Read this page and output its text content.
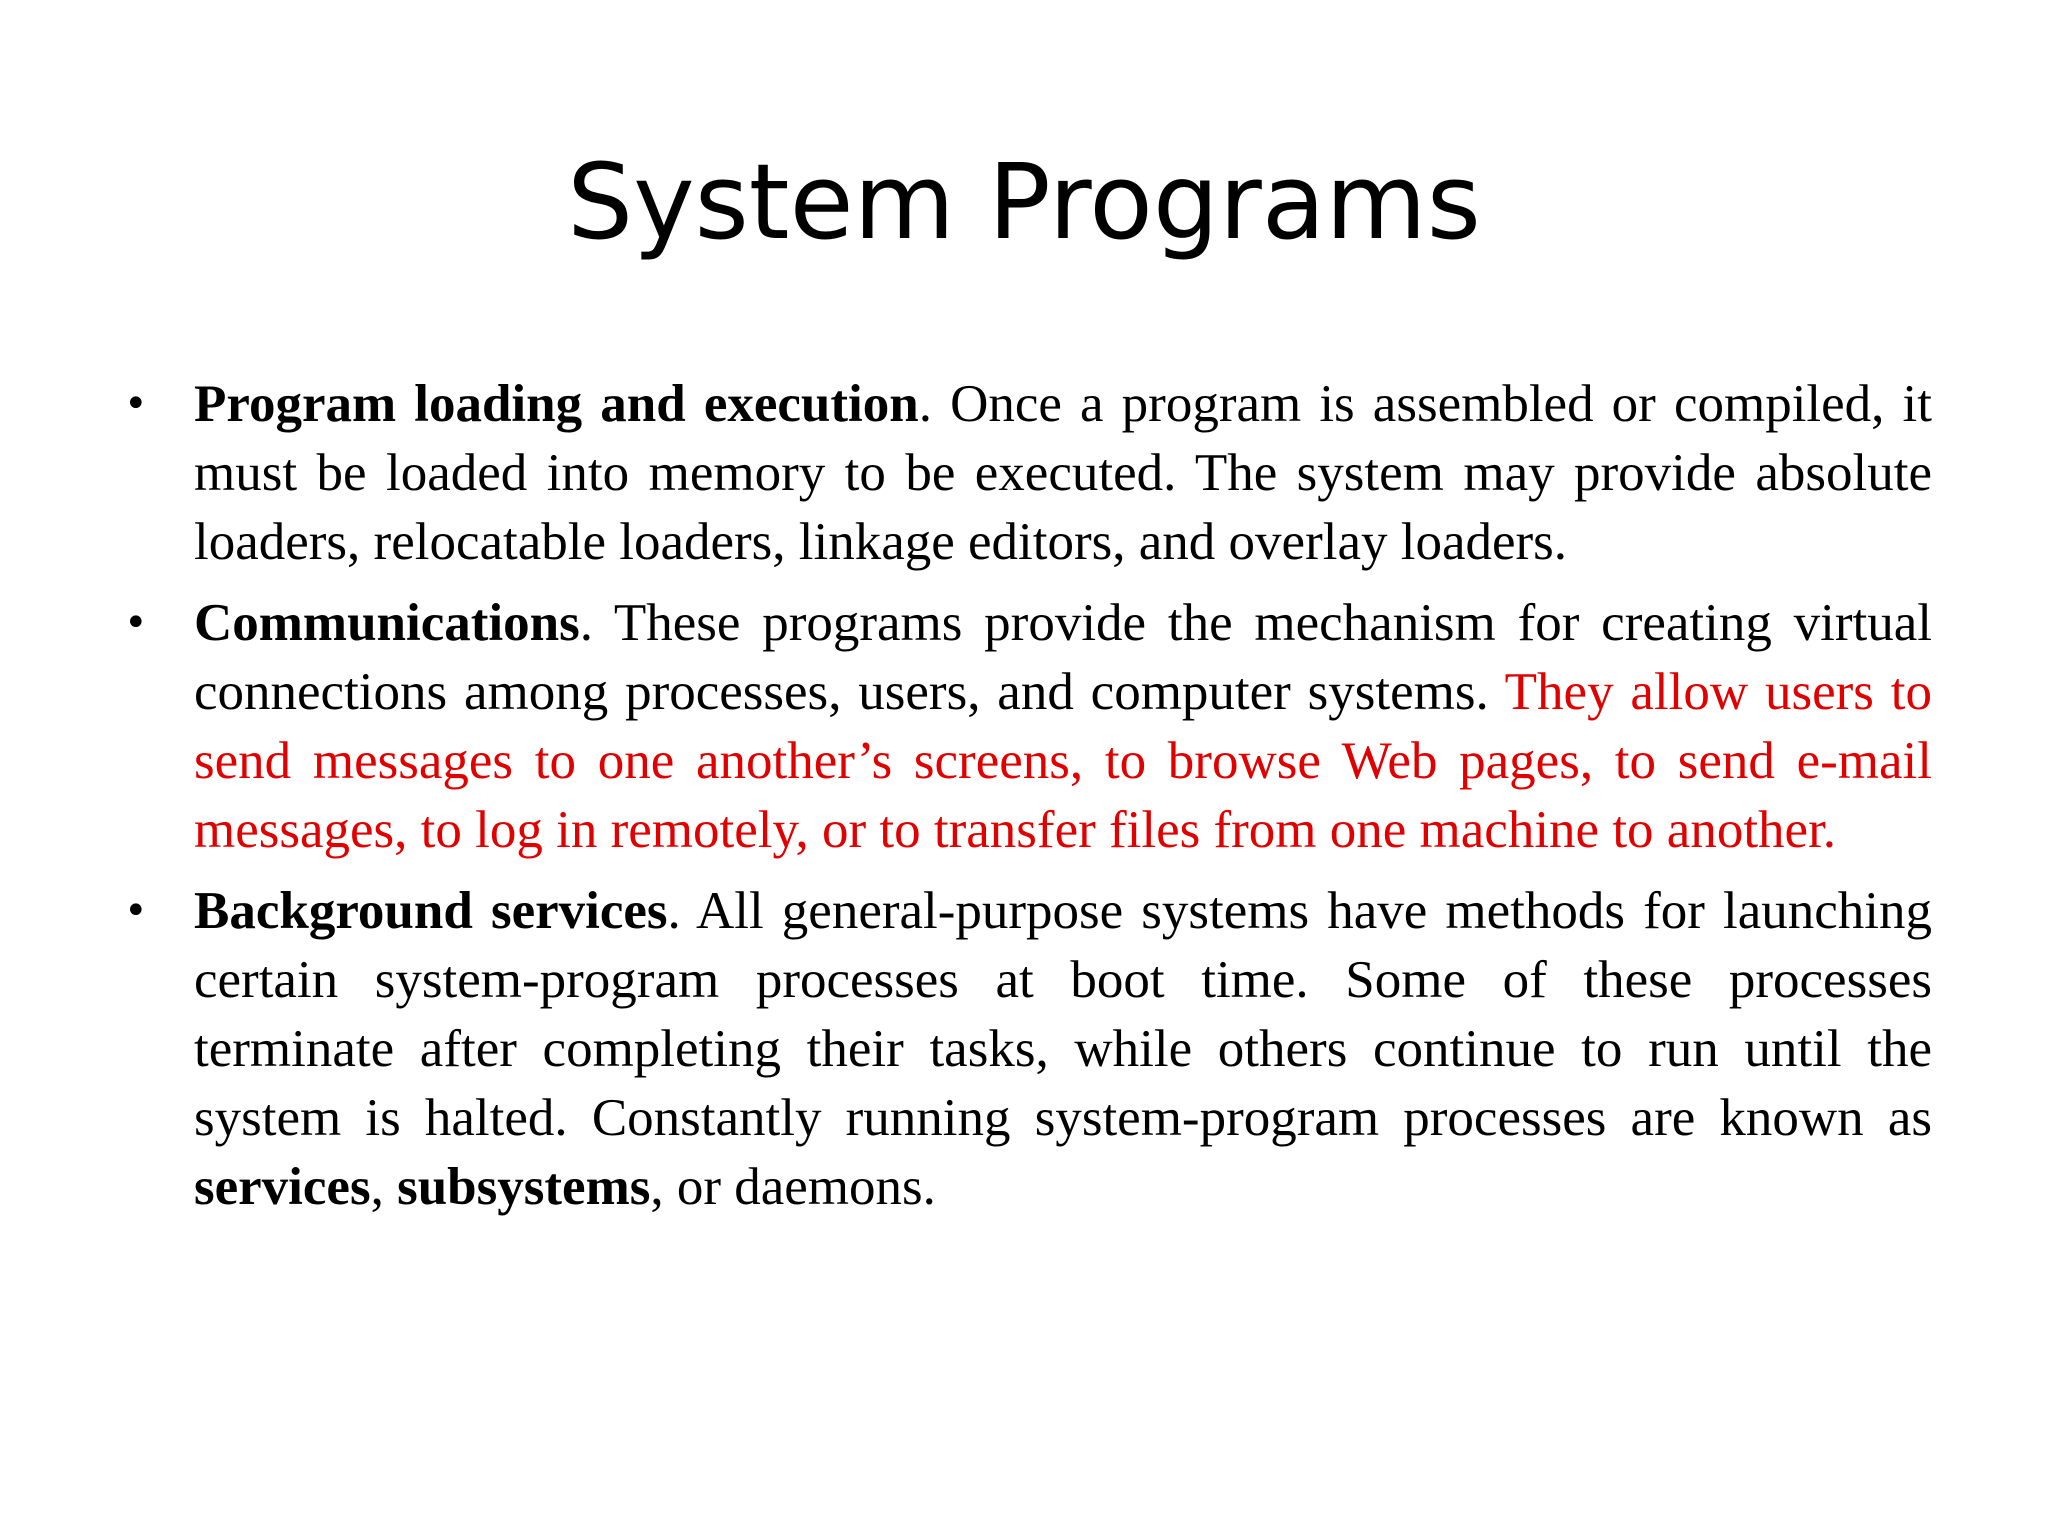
System Programs
• Program loading and execution. Once a program is assembled or compiled, it must be loaded into memory to be executed. The system may provide absolute loaders, relocatable loaders, linkage editors, and overlay loaders.
• Communications. These programs provide the mechanism for creating virtual connections among processes, users, and computer systems. They allow users to send messages to one another’s screens, to browse Web pages, to send e-mail messages, to log in remotely, or to transfer files from one machine to another.
• Background services. All general-purpose systems have methods for launching certain system-program processes at boot time. Some of these processes terminate after completing their tasks, while others continue to run until the system is halted. Constantly running system-program processes are known as services, subsystems, or daemons.
